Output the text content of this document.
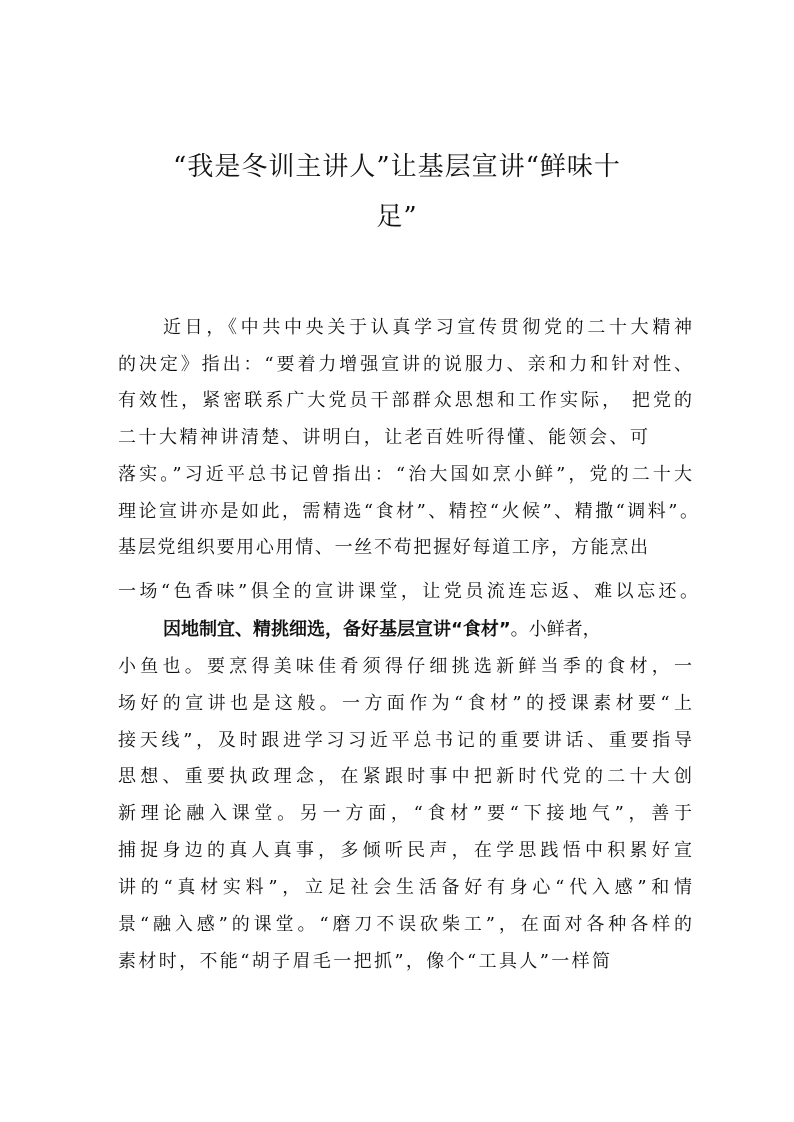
“我是冬训主讲人”让基层宣讲“鲜味十
足”
近日，《中共中央关于认真学习宣传贯彻党的二十大精神
的决定》指出：“要着力增强宣讲的说服力、亲和力和针对性、
有效性，紧密联系广大党员干部群众思想和工作实际， 把党的
二十大精神讲清楚、讲明白，让老百姓听得懂、能领会、可
落实。”习近平总书记曾指出：“治大国如烹小鲜”，党的二十大
理论宣讲亦是如此，需精选“食材”、精控“火候”、精撒“调料”。
基层党组织要用心用情、一丝不苟把握好每道工序，方能烹出
一场“色香味”俱全的宣讲课堂，让党员流连忘返、难以忘还。
因地制宜、精挑细选，备好基层宣讲“食材”。小鲜者，
小鱼也。要烹得美味佳肴须得仔细挑选新鲜当季的食材，一
场好的宣讲也是这般。一方面作为“食材”的授课素材要“上
接天线”，及时跟进学习习近平总书记的重要讲话、重要指导
思想、重要执政理念，在紧跟时事中把新时代党的二十大创
新理论融入课堂。另一方面，“食材”要“下接地气”，善于
捕捉身边的真人真事，多倾听民声，在学思践悟中积累好宣
讲的“真材实料”，立足社会生活备好有身心“代入感”和情
景“融入感”的课堂。“磨刀不误砍柴工”，在面对各种各样的
素材时，不能“胡子眉毛一把抓”，像个“工具人”一样简
